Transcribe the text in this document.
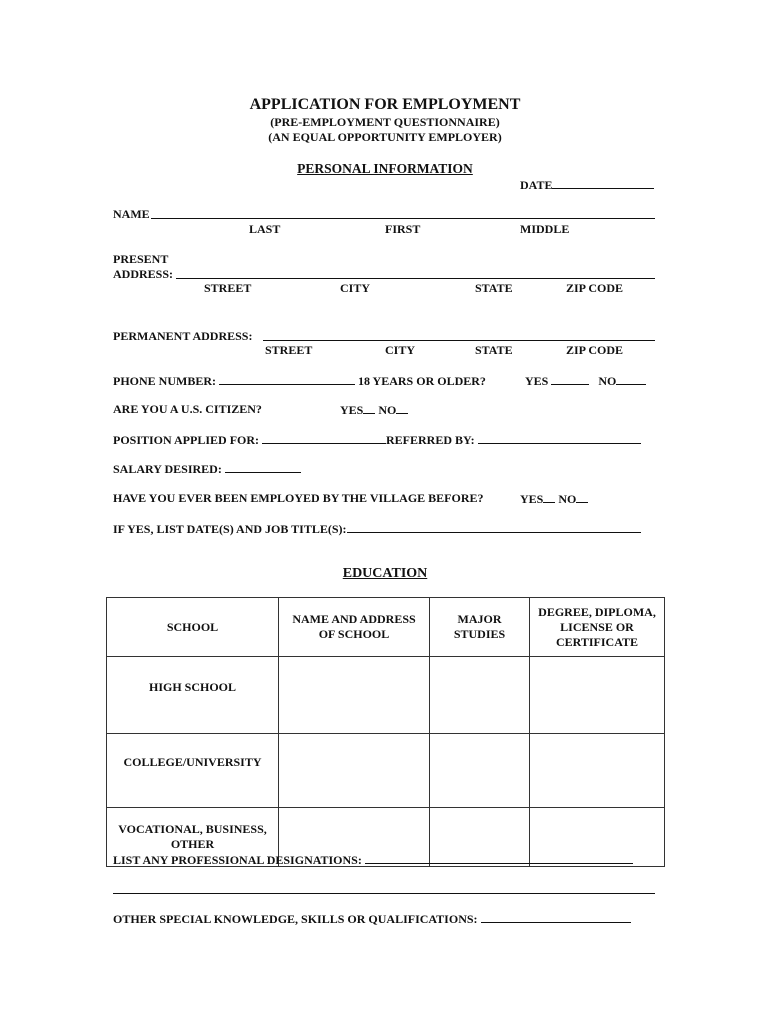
APPLICATION FOR EMPLOYMENT
(PRE-EMPLOYMENT QUESTIONNAIRE)
(AN EQUAL OPPORTUNITY EMPLOYER)
PERSONAL INFORMATION
DATE
NAME
LAST	FIRST	MIDDLE
PRESENT
ADDRESS:
STREET	CITY	STATE	ZIP CODE
PERMANENT ADDRESS:
STREET	CITY	STATE	ZIP CODE
PHONE NUMBER:	18 YEARS OR OLDER?	YES	NO
ARE YOU A U.S. CITIZEN?	YES NO
POSITION APPLIED FOR:	REFERRED BY:
SALARY DESIRED:
HAVE YOU EVER BEEN EMPLOYED BY THE VILLAGE BEFORE?	YES NO
IF YES, LIST DATE(S) AND JOB TITLE(S):
EDUCATION
SCHOOL	NAME AND ADDRESS OF SCHOOL	MAJOR STUDIES	DEGREE, DIPLOMA, LICENSE OR CERTIFICATE
HIGH SCHOOL			
COLLEGE/UNIVERSITY			
VOCATIONAL, BUSINESS, OTHER			
LIST ANY PROFESSIONAL DESIGNATIONS:
OTHER SPECIAL KNOWLEDGE, SKILLS OR QUALIFICATIONS:
